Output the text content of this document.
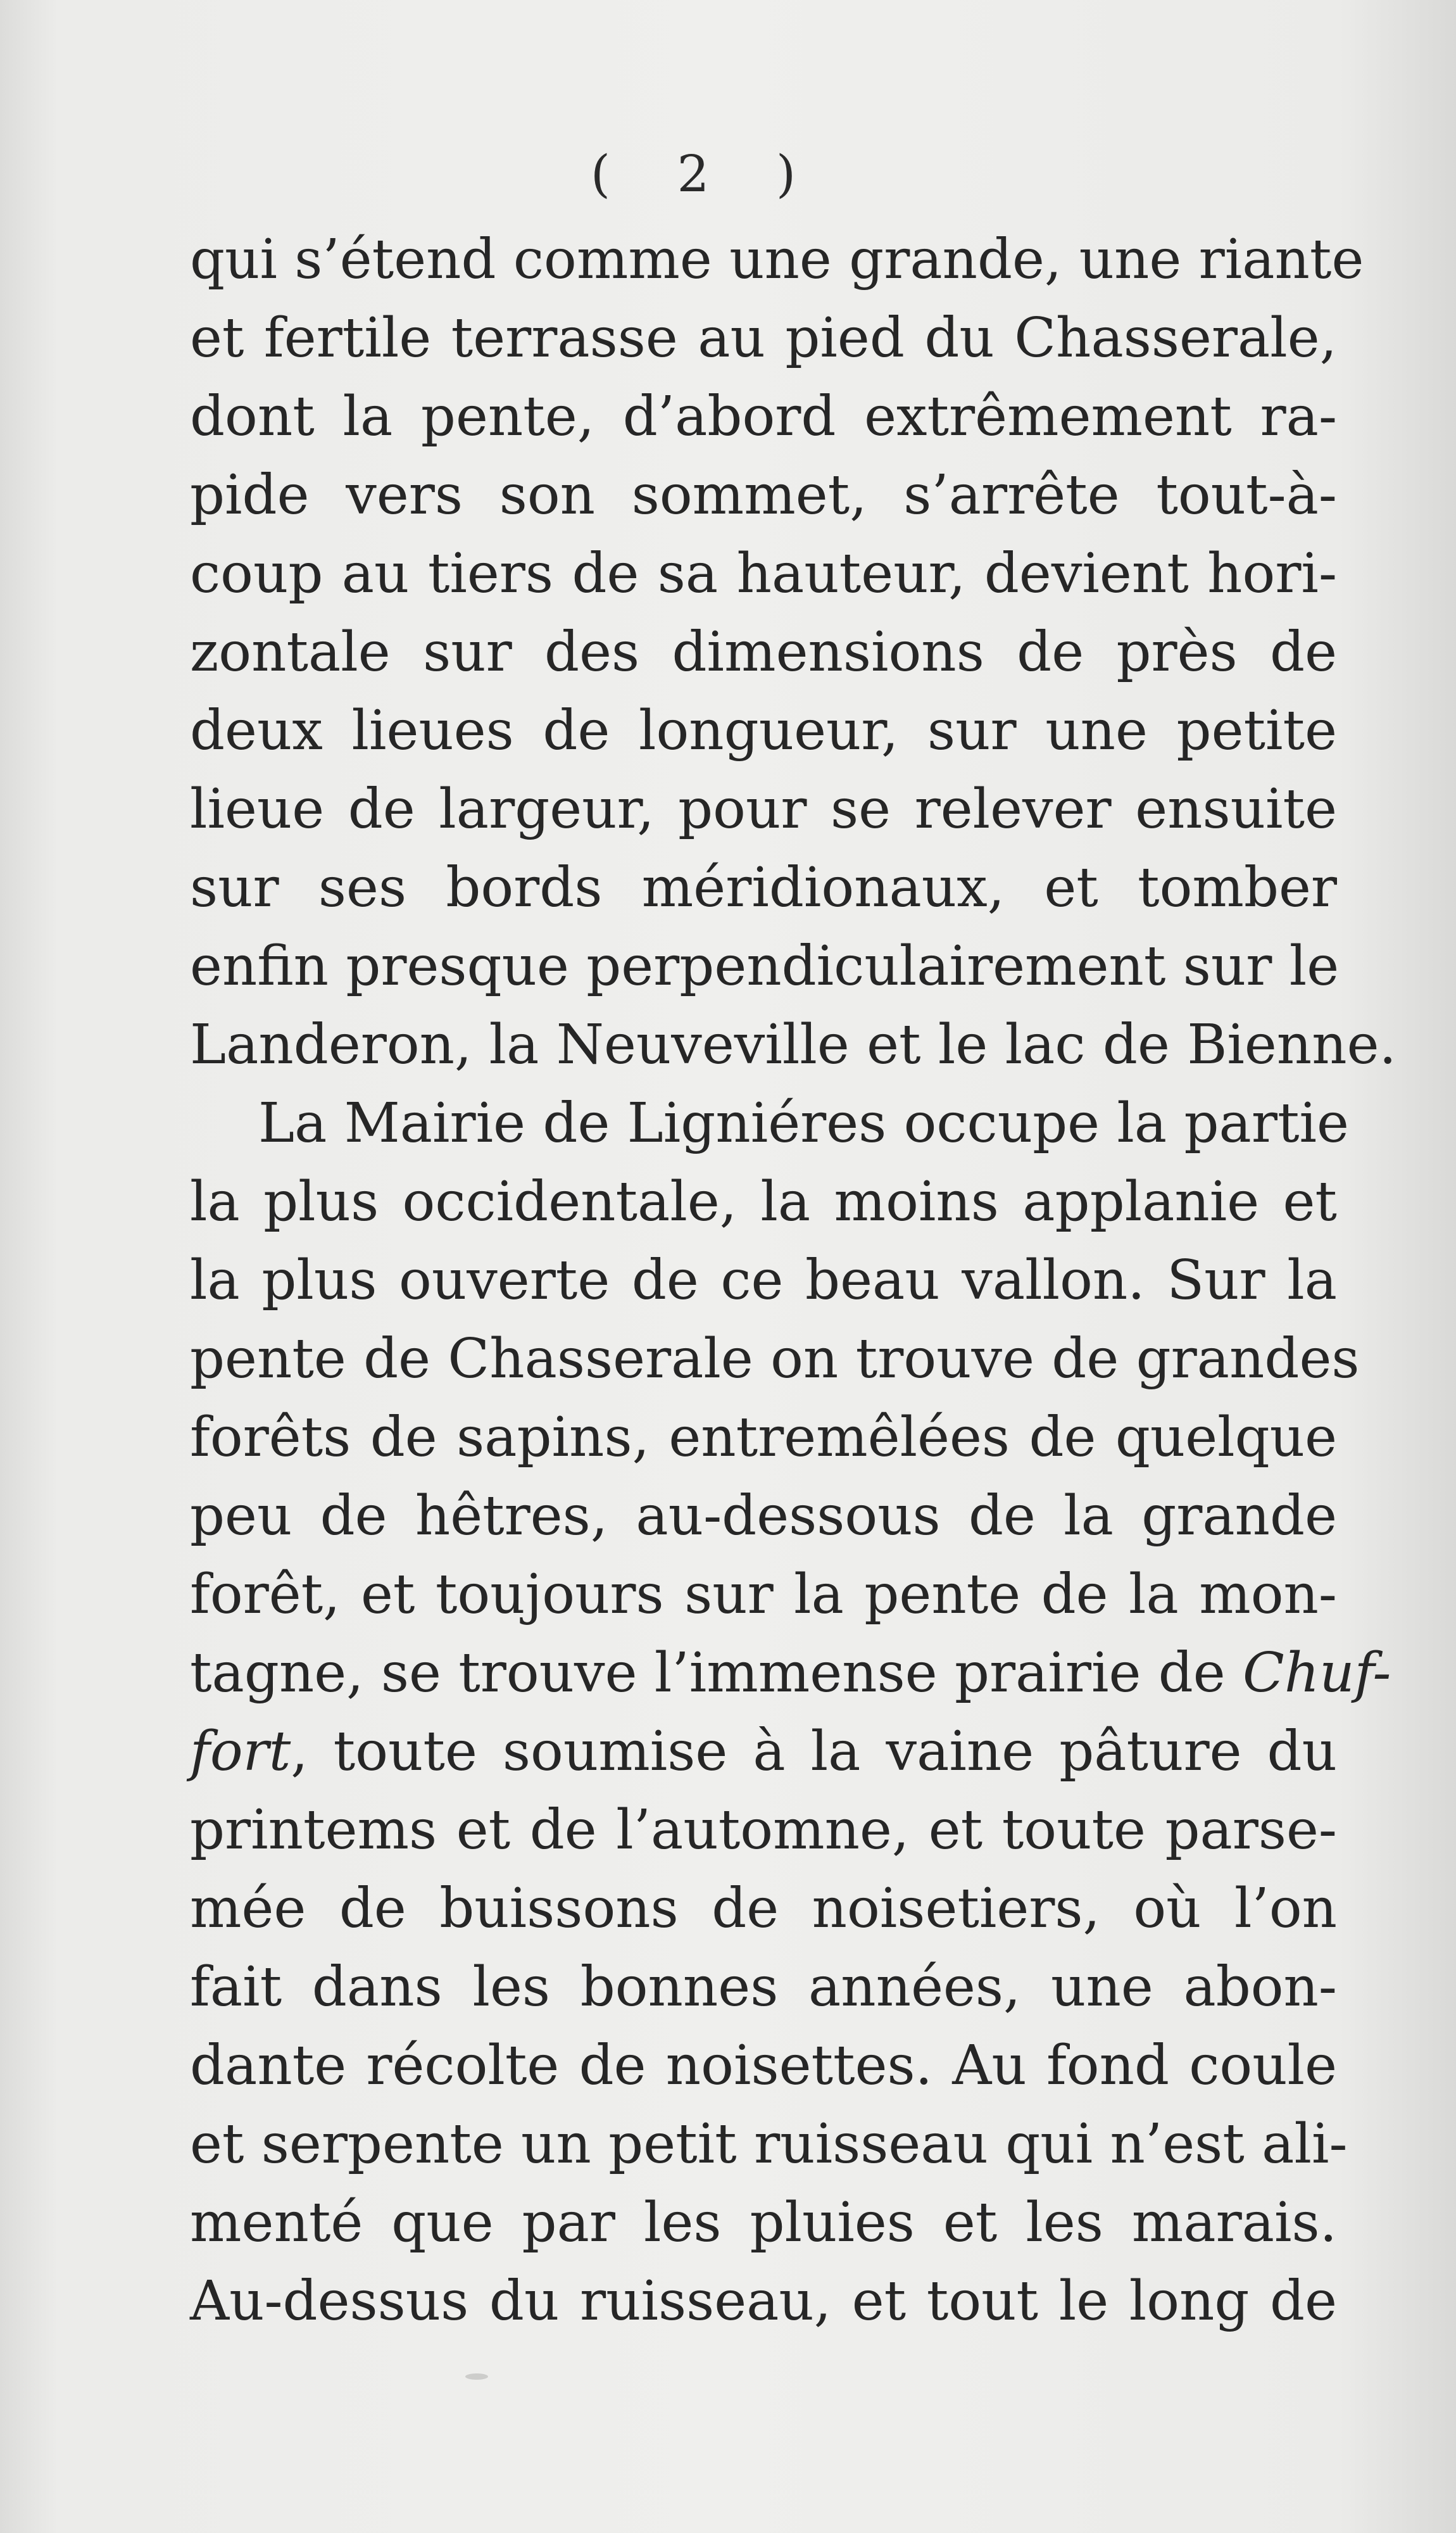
( 2 )
qui s’étend comme une grande, une riante
et fertile terrasse au pied du Chasserale,
dont la pente, d’abord extrêmement ra-
pide vers son sommet, s’arrête tout-à-
coup au tiers de sa hauteur, devient hori-
zontale sur des dimensions de près de
deux lieues de longueur, sur une petite
lieue de largeur, pour se relever ensuite
sur ses bords méridionaux, et tomber
enfin presque perpendiculairement sur le
Landeron, la Neuveville et le lac de Bienne.
La Mairie de Ligniéres occupe la partie
la plus occidentale, la moins applanie et
la plus ouverte de ce beau vallon. Sur la
pente de Chasserale on trouve de grandes
forêts de sapins, entremêlées de quelque
peu de hêtres, au-dessous de la grande
forêt, et toujours sur la pente de la mon-
tagne, se trouve l’immense prairie de Chuf-
fort, toute soumise à la vaine pâture du
printems et de l’automne, et toute parse-
mée de buissons de noisetiers, où l’on
fait dans les bonnes années, une abon-
dante récolte de noisettes. Au fond coule
et serpente un petit ruisseau qui n’est ali-
menté que par les pluies et les marais.
Au-dessus du ruisseau, et tout le long de
